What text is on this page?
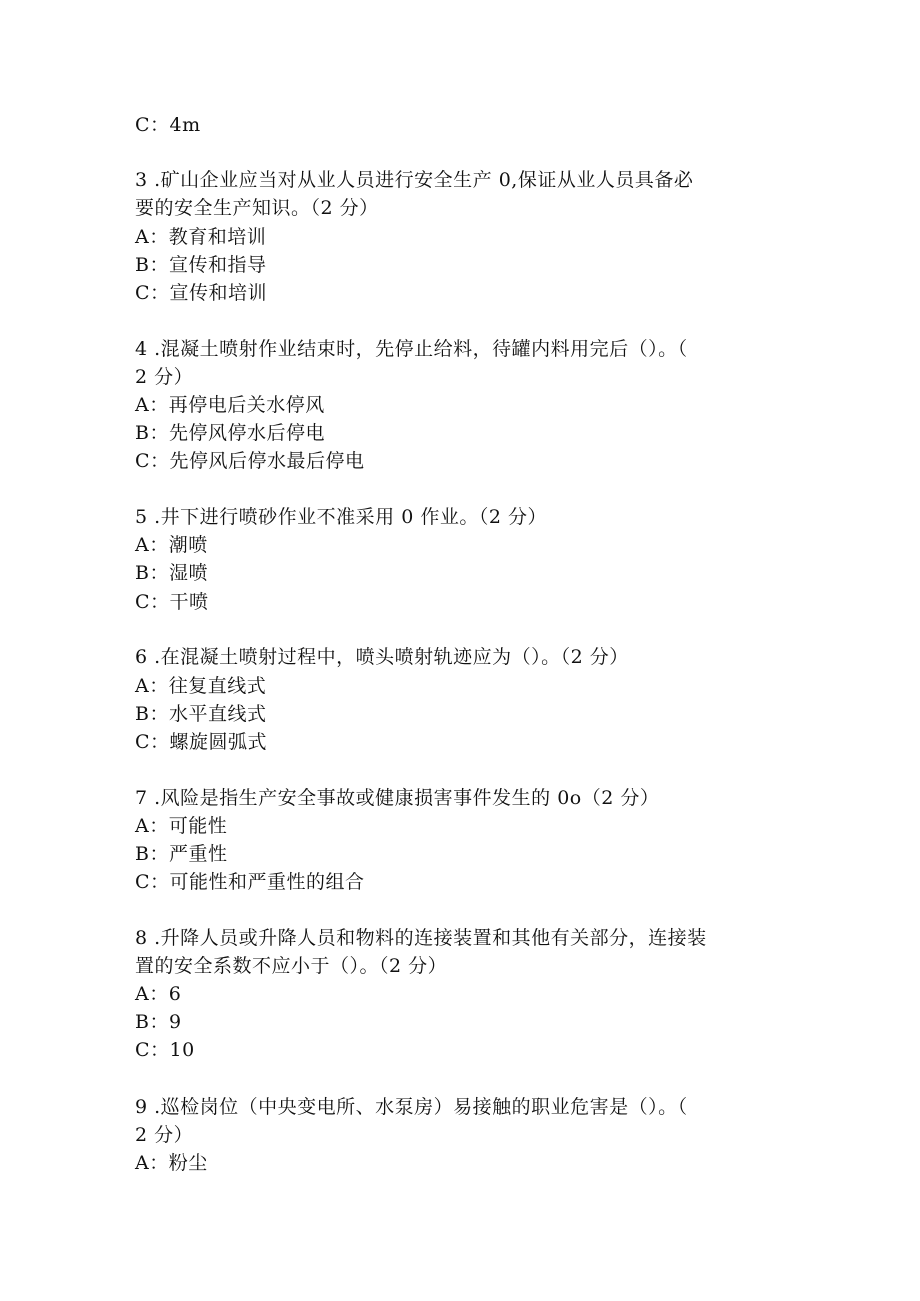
C：4m
3 .矿山企业应当对从业人员进行安全生产 0,保证从业人员具备必
要的安全生产知识。（2 分）
A：教育和培训
B：宣传和指导
C：宣传和培训
4 .混凝土喷射作业结束时，先停止给料，待罐内料用完后（）。（
2 分）
A：再停电后关水停风
B：先停风停水后停电
C：先停风后停水最后停电
5 .井下进行喷砂作业不准采用 0 作业。（2 分）
A：潮喷
B：湿喷
C：干喷
6 .在混凝土喷射过程中，喷头喷射轨迹应为（）。（2 分）
A：往复直线式
B：水平直线式
C：螺旋圆弧式
7 .风险是指生产安全事故或健康损害事件发生的 0o（2 分）
A：可能性
B：严重性
C：可能性和严重性的组合
8 .升降人员或升降人员和物料的连接装置和其他有关部分，连接装
置的安全系数不应小于（）。（2 分）
A：6
B：9
C：10
9 .巡检岗位（中央变电所、水泵房）易接触的职业危害是（）。（
2 分）
A：粉尘
